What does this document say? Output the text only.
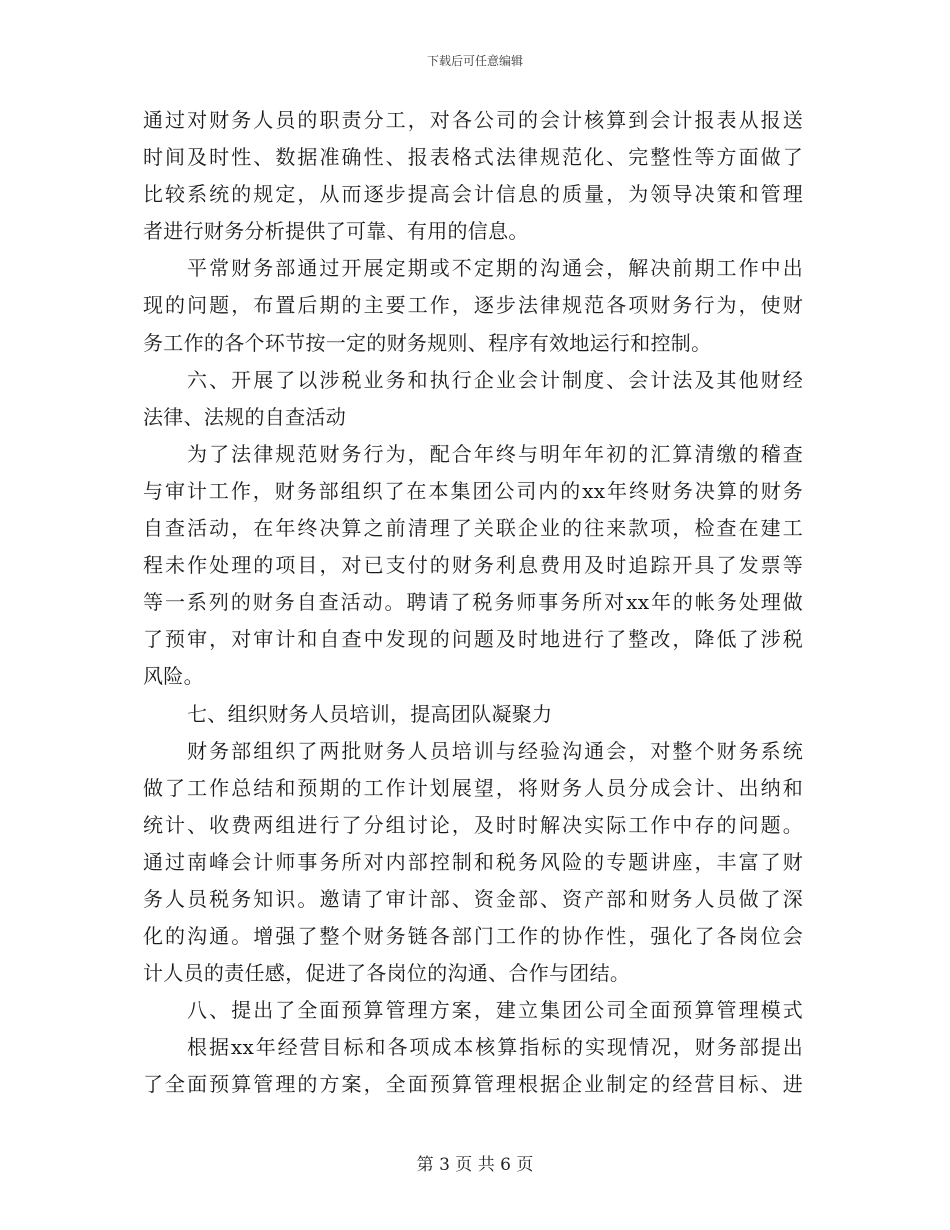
下载后可任意编辑
通过对财务人员的职责分工，对各公司的会计核算到会计报表从报送
时间及时性、数据准确性、报表格式法律规范化、完整性等方面做了
比较系统的规定，从而逐步提高会计信息的质量，为领导决策和管理
者进行财务分析提供了可靠、有用的信息。
平常财务部通过开展定期或不定期的沟通会，解决前期工作中出
现的问题，布置后期的主要工作，逐步法律规范各项财务行为，使财
务工作的各个环节按一定的财务规则、程序有效地运行和控制。
六、开展了以涉税业务和执行企业会计制度、会计法及其他财经
法律、法规的自查活动
为了法律规范财务行为，配合年终与明年年初的汇算清缴的稽查
与审计工作，财务部组织了在本集团公司内的xx年终财务决算的财务
自查活动，在年终决算之前清理了关联企业的往来款项，检查在建工
程未作处理的项目，对已支付的财务利息费用及时追踪开具了发票等
等一系列的财务自查活动。聘请了税务师事务所对xx年的帐务处理做
了预审，对审计和自查中发现的问题及时地进行了整改，降低了涉税
风险。
七、组织财务人员培训，提高团队凝聚力
财务部组织了两批财务人员培训与经验沟通会，对整个财务系统
做了工作总结和预期的工作计划展望，将财务人员分成会计、出纳和
统计、收费两组进行了分组讨论，及时时解决实际工作中存的问题。
通过南峰会计师事务所对内部控制和税务风险的专题讲座，丰富了财
务人员税务知识。邀请了审计部、资金部、资产部和财务人员做了深
化的沟通。增强了整个财务链各部门工作的协作性，强化了各岗位会
计人员的责任感，促进了各岗位的沟通、合作与团结。
八、提出了全面预算管理方案，建立集团公司全面预算管理模式
根据xx年经营目标和各项成本核算指标的实现情况，财务部提出
了全面预算管理的方案，全面预算管理根据企业制定的经营目标、进
第 3 页 共 6 页
